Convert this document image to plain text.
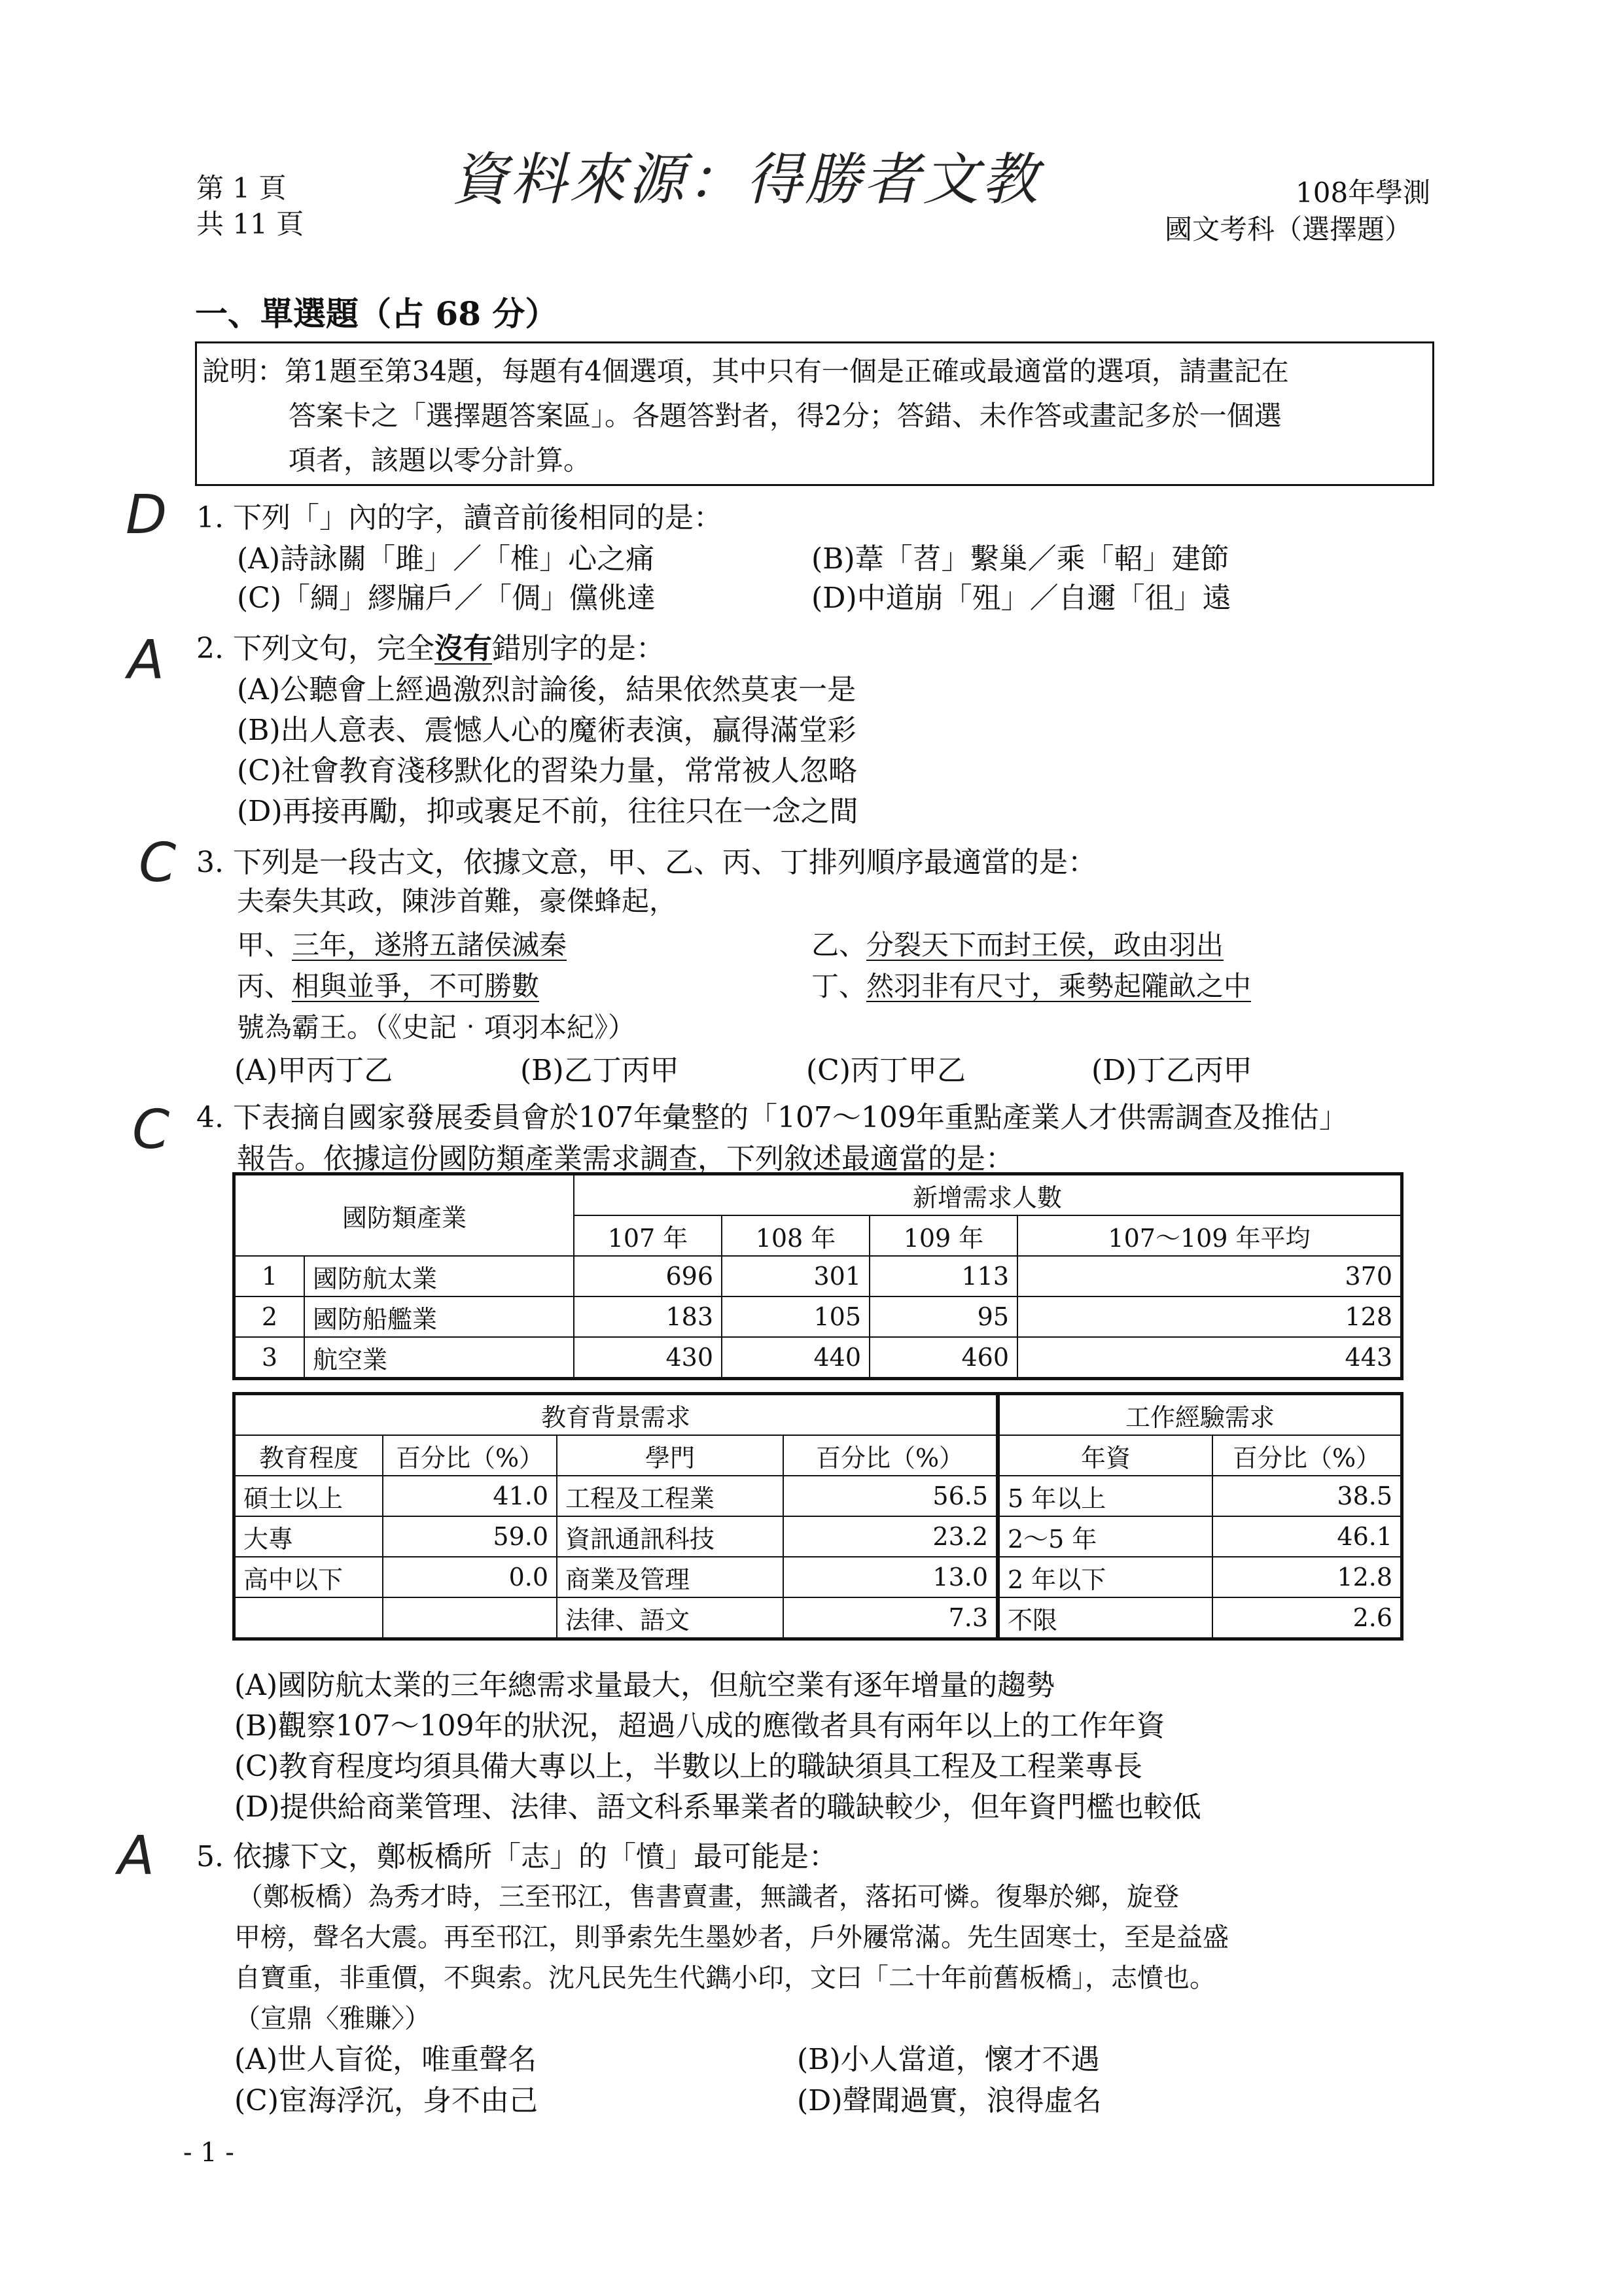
第 1 頁
共 11 頁
資料來源：得勝者文教	108年學測
國文考科（選擇題）
一、單選題（占 68 分）
說明：第1題至第34題，每題有4個選項，其中只有一個是正確或最適當的選項，請畫記在
答案卡之「選擇題答案區」。各題答對者，得2分；答錯、未作答或畫記多於一個選
項者，該題以零分計算。
D
A
C
C
A
1. 下列「」內的字，讀音前後相同的是：
(A)詩詠關「雎」／「椎」心之痛	(B)葦「苕」繫巢／乘「軺」建節
(C)「綢」繆牖戶／「倜」儻佻達	(D)中道崩「殂」／自邇「徂」遠
2. 下列文句，完全沒有錯別字的是：
(A)公聽會上經過激烈討論後，結果依然莫衷一是
(B)出人意表、震憾人心的魔術表演，贏得滿堂彩
(C)社會教育淺移默化的習染力量，常常被人忽略
(D)再接再勵，抑或裹足不前，往往只在一念之間
3. 下列是一段古文，依據文意，甲、乙、丙、丁排列順序最適當的是：
夫秦失其政，陳涉首難，豪傑蜂起，
甲、三年，遂將五諸侯滅秦	乙、分裂天下而封王侯，政由羽出
丙、相與並爭，不可勝數	丁、然羽非有尺寸，乘勢起隴畝之中
號為霸王。（《史記‧項羽本紀》）
(A)甲丙丁乙	(B)乙丁丙甲	(C)丙丁甲乙	(D)丁乙丙甲
4. 下表摘自國家發展委員會於107年彙整的「107～109年重點產業人才供需調查及推估」
報告。依據這份國防類產業需求調查，下列敘述最適當的是：
國防類產業		新增需求人數			
		107 年	108 年	109 年	107～109 年平均
1	國防航太業	696	301	113	370
2	國防船艦業	183	105	95	128
3	航空業	430	440	460	443
教育背景需求				工作經驗需求	
教育程度	百分比（%）	學門	百分比（%）	年資	百分比（%）
碩士以上	41.0	工程及工程業	56.5	5 年以上	38.5
大專	59.0	資訊通訊科技	23.2	2～5 年	46.1
高中以下	0.0	商業及管理	13.0	2 年以下	12.8
		法律、語文	7.3	不限	2.6
(A)國防航太業的三年總需求量最大，但航空業有逐年增量的趨勢
(B)觀察107～109年的狀況，超過八成的應徵者具有兩年以上的工作年資
(C)教育程度均須具備大專以上，半數以上的職缺須具工程及工程業專長
(D)提供給商業管理、法律、語文科系畢業者的職缺較少，但年資門檻也較低
5. 依據下文，鄭板橋所「志」的「憤」最可能是：
（鄭板橋）為秀才時，三至邗江，售書賣畫，無識者，落拓可憐。復舉於鄉，旋登
甲榜，聲名大震。再至邗江，則爭索先生墨妙者，戶外屨常滿。先生固寒士，至是益盛
自寶重，非重價，不與索。沈凡民先生代鐫小印，文曰「二十年前舊板橋」，志憤也。
（宣鼎〈雅賺〉）
(A)世人盲從，唯重聲名	(B)小人當道，懷才不遇
(C)宦海浮沉，身不由己	(D)聲聞過實，浪得虛名
- 1 -
